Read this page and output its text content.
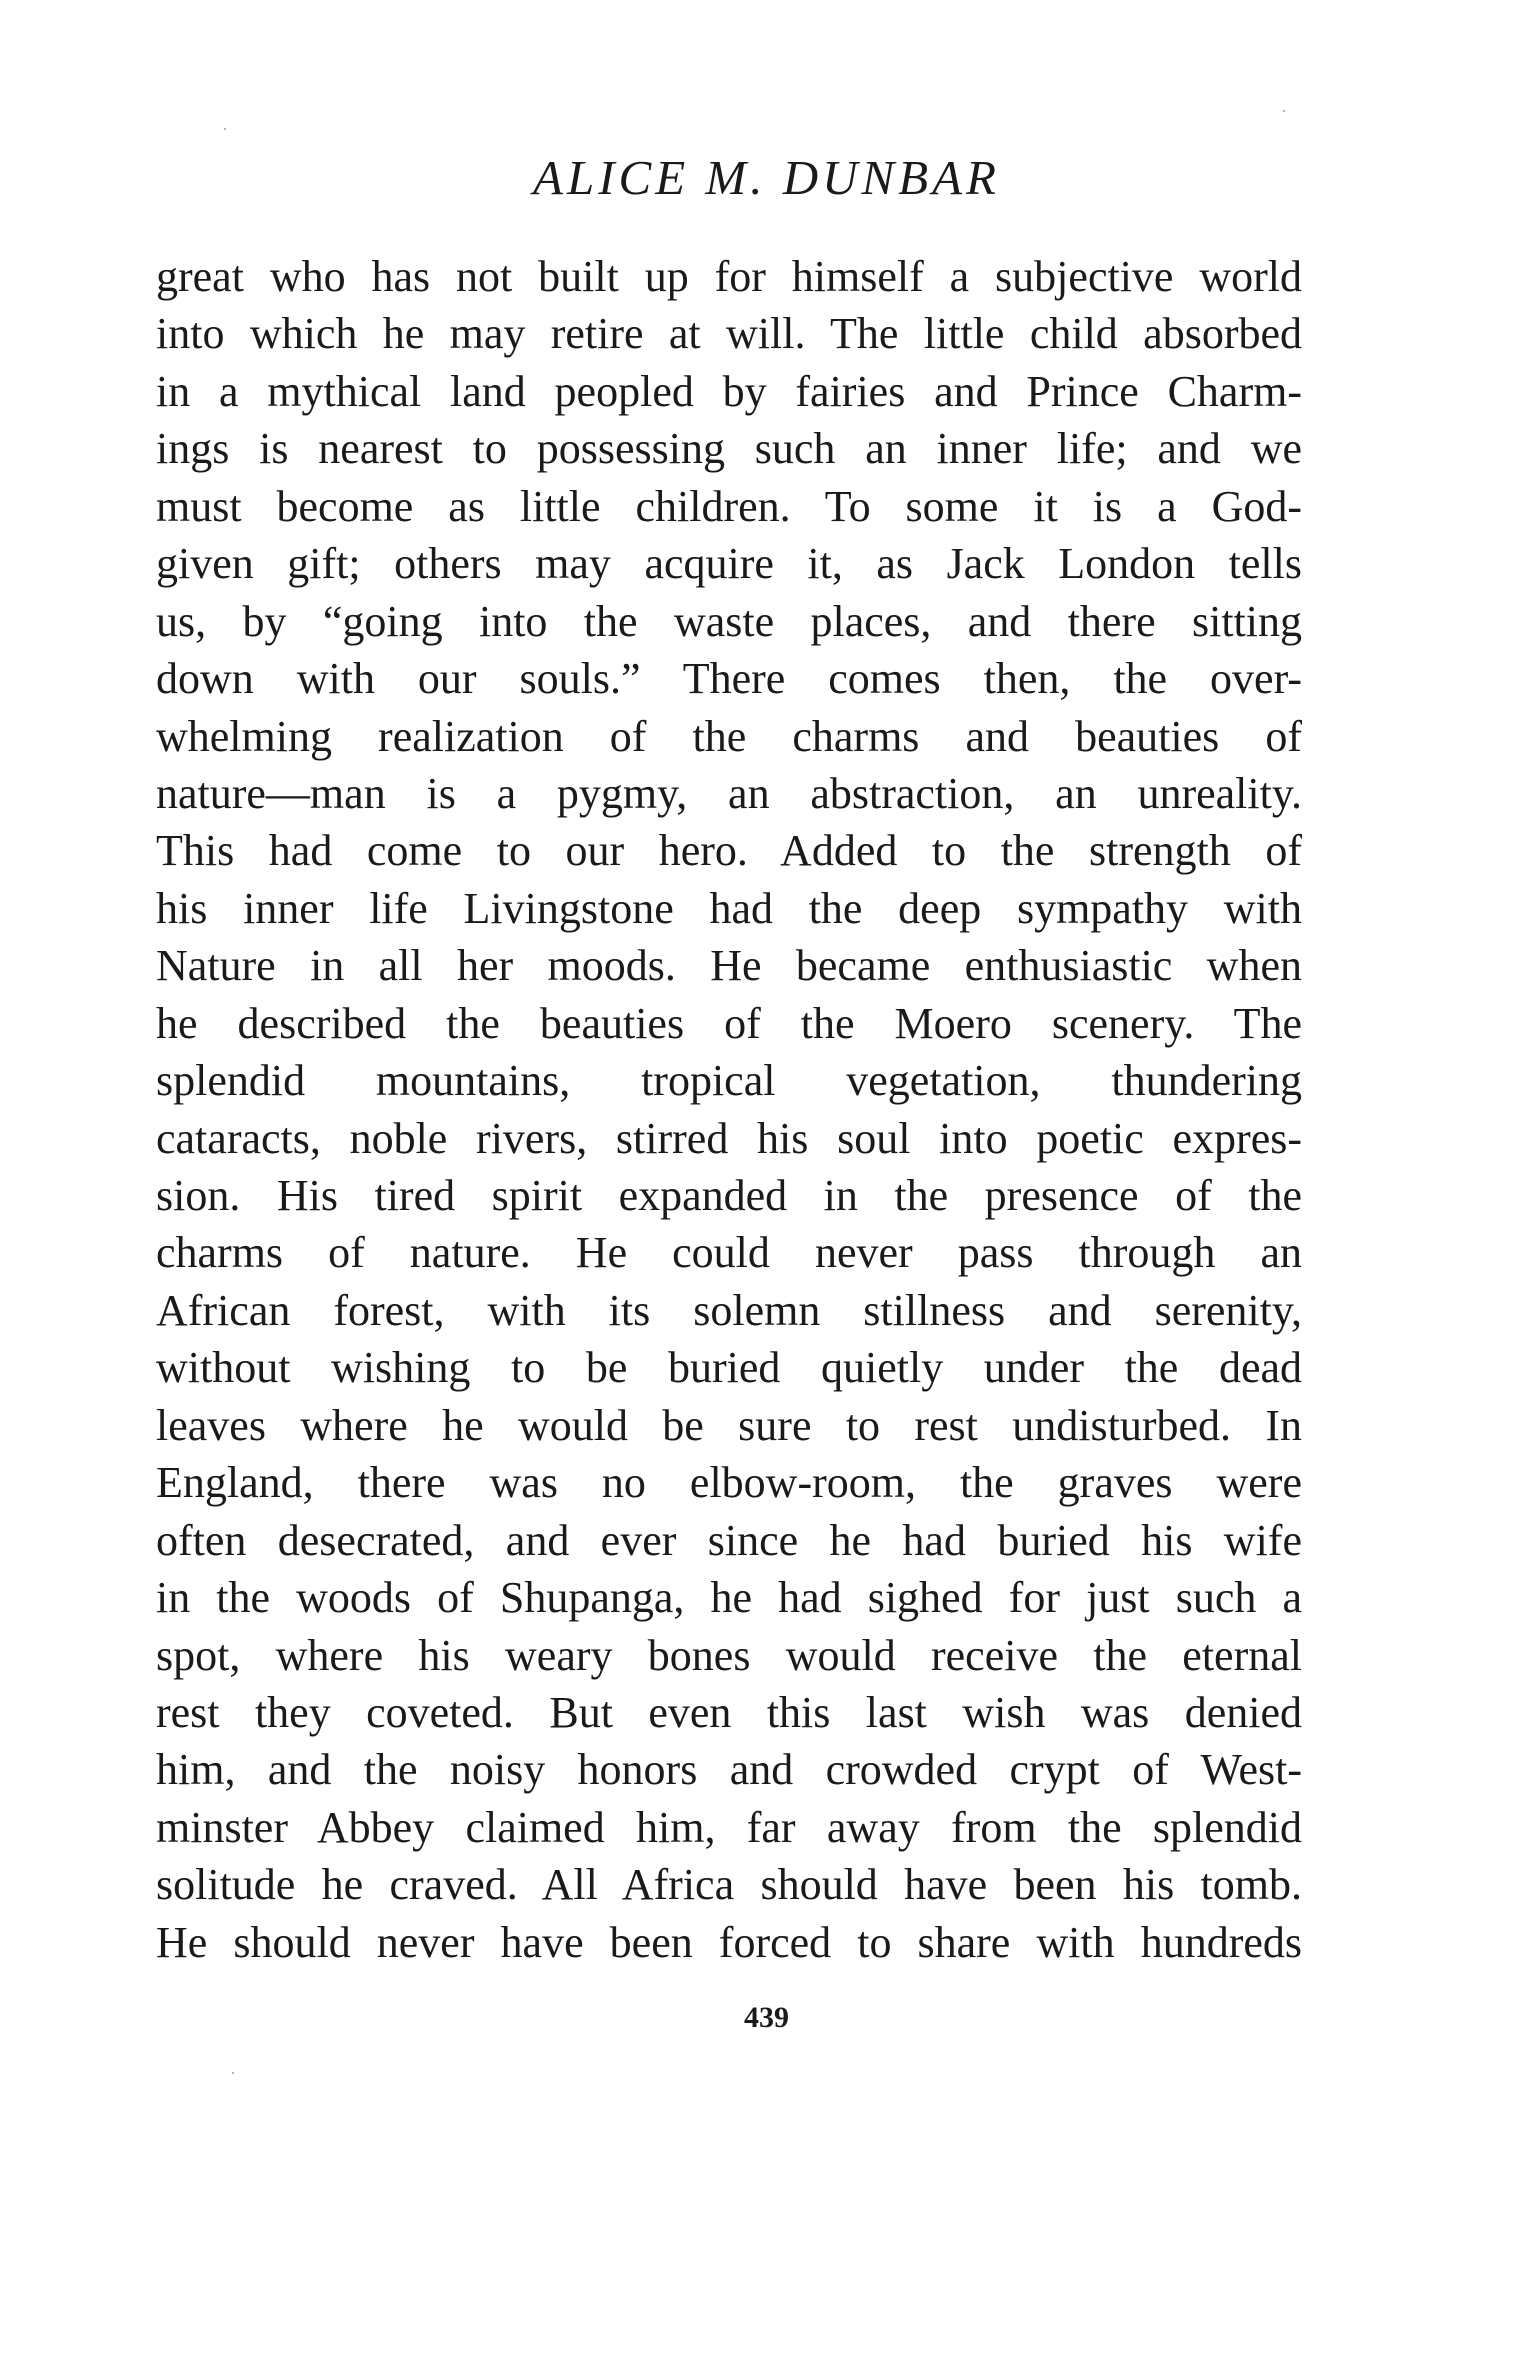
ALICE M. DUNBAR
great who has not built up for himself a subjective world
into which he may retire at will. The little child absorbed
in a mythical land peopled by fairies and Prince Charm-
ings is nearest to possessing such an inner life; and we
must become as little children. To some it is a God-
given gift; others may acquire it, as Jack London tells
us, by “going into the waste places, and there sitting
down with our souls.” There comes then, the over-
whelming realization of the charms and beauties of
nature—man is a pygmy, an abstraction, an unreality.
This had come to our hero. Added to the strength of
his inner life Livingstone had the deep sympathy with
Nature in all her moods. He became enthusiastic when
he described the beauties of the Moero scenery. The
splendid mountains, tropical vegetation, thundering
cataracts, noble rivers, stirred his soul into poetic expres-
sion. His tired spirit expanded in the presence of the
charms of nature. He could never pass through an
African forest, with its solemn stillness and serenity,
without wishing to be buried quietly under the dead
leaves where he would be sure to rest undisturbed. In
England, there was no elbow-room, the graves were
often desecrated, and ever since he had buried his wife
in the woods of Shupanga, he had sighed for just such a
spot, where his weary bones would receive the eternal
rest they coveted. But even this last wish was denied
him, and the noisy honors and crowded crypt of West-
minster Abbey claimed him, far away from the splendid
solitude he craved. All Africa should have been his tomb.
He should never have been forced to share with hundreds
439
